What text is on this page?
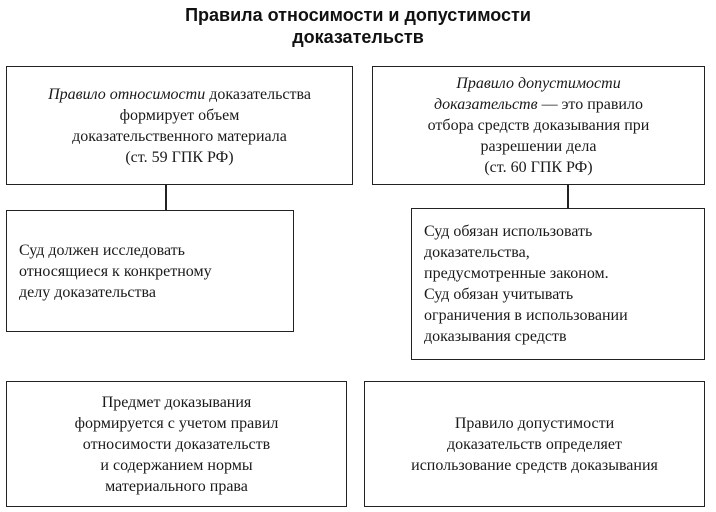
Правила относимости и допустимости
доказательств
Правило относимости доказательства
формирует объем
доказательственного материала
(ст. 59 ГПК РФ)
Правило допустимости
доказательств — это правило
отбора средств доказывания при
разрешении дела
(ст. 60 ГПК РФ)
Суд должен исследовать
относящиеся к конкретному
делу доказательства
Суд обязан использовать
доказательства,
предусмотренные законом.
Суд обязан учитывать
ограничения в использовании
доказывания средств
Предмет доказывания
формируется с учетом правил
относимости доказательств
и содержанием нормы
материального права
Правило допустимости
доказательств определяет
использование средств доказывания
